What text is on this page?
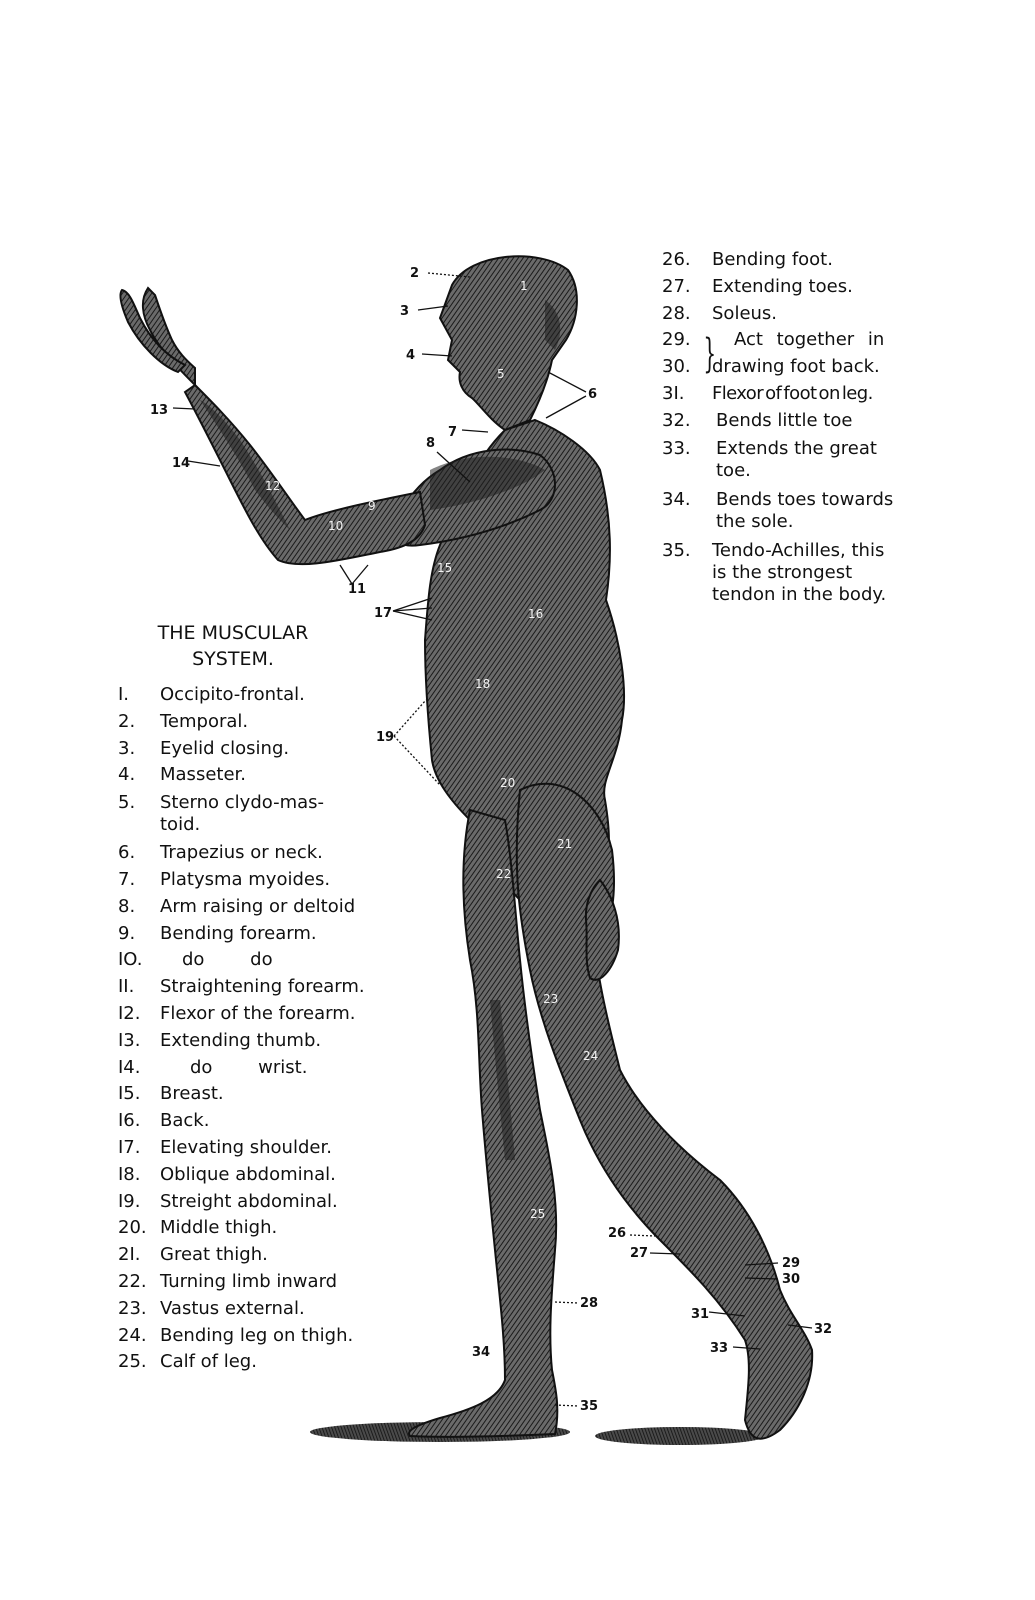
2
3
4
6
7
8
13
14
11
17
19
26
27
28
29
30
31
32
33
34
35
1
5
9
10
12
15
16
18
20
21
22
23
24
25
THE MUSCULAR
SYSTEM.
I.	Occipito-frontal.
2.	Temporal.
3.	Eyelid closing.
4.	Masseter.
5.	Sterno clydo-mas-toid.
6.	Trapezius or neck.
7.	Platysma myoides.
8.	Arm raising or deltoid
9.	Bending forearm.
IO.	do do
II.	Straightening forearm.
I2.	Flexor of the forearm.
I3.	Extending thumb.
I4.	do wrist.
I5.	Breast.
I6.	Back.
I7.	Elevating shoulder.
I8.	Oblique abdominal.
I9.	Streight abdominal.
20. Middle thigh.
2I.	Great thigh.
22. Turning limb inward
23. Vastus external.
24. Bending leg on thigh.
25. Calf of leg.
}
26.	Bending foot.
27.	Extending toes.
28.	Soleus.
29.	Act together in
30.	drawing foot back.
3I.	Flexor of foot on leg.
32.	Bends little toe
33.	Extends the great toe.
34.	Bends toes towards the sole.
35.	Tendo-Achilles, this is the strongest tendon in the body.
